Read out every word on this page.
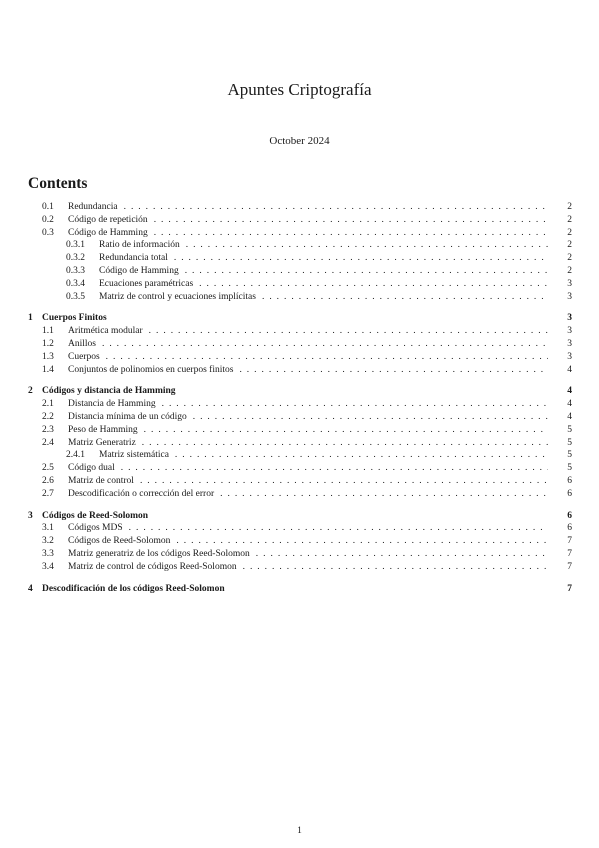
Apuntes Criptografía
October 2024
Contents
0.1 Redundancia . . .	2
0.2 Código de repetición . . .	2
0.3 Código de Hamming . . .	2
0.3.1 Ratio de información . . .	2
0.3.2 Redundancia total . . .	2
0.3.3 Código de Hamming . . .	2
0.3.4 Ecuaciones paramétricas . . .	3
0.3.5 Matriz de control y ecuaciones implícitas . . .	3
1 Cuerpos Finitos	3
1.1 Aritmética modular . . .	3
1.2 Anillos . . .	3
1.3 Cuerpos . . .	3
1.4 Conjuntos de polinomios en cuerpos finitos . . .	4
2 Códigos y distancia de Hamming	4
2.1 Distancia de Hamming . . .	4
2.2 Distancia mínima de un código . . .	4
2.3 Peso de Hamming . . .	5
2.4 Matriz Generatriz . . .	5
2.4.1 Matriz sistemática . . .	5
2.5 Código dual . . .	5
2.6 Matriz de control . . .	6
2.7 Descodificación o corrección del error . . .	6
3 Códigos de Reed-Solomon	6
3.1 Códigos MDS . . .	6
3.2 Códigos de Reed-Solomon . . .	7
3.3 Matriz generatriz de los códigos Reed-Solomon . . .	7
3.4 Matriz de control de códigos Reed-Solomon . . .	7
4 Descodificación de los códigos Reed-Solomon	7
1
